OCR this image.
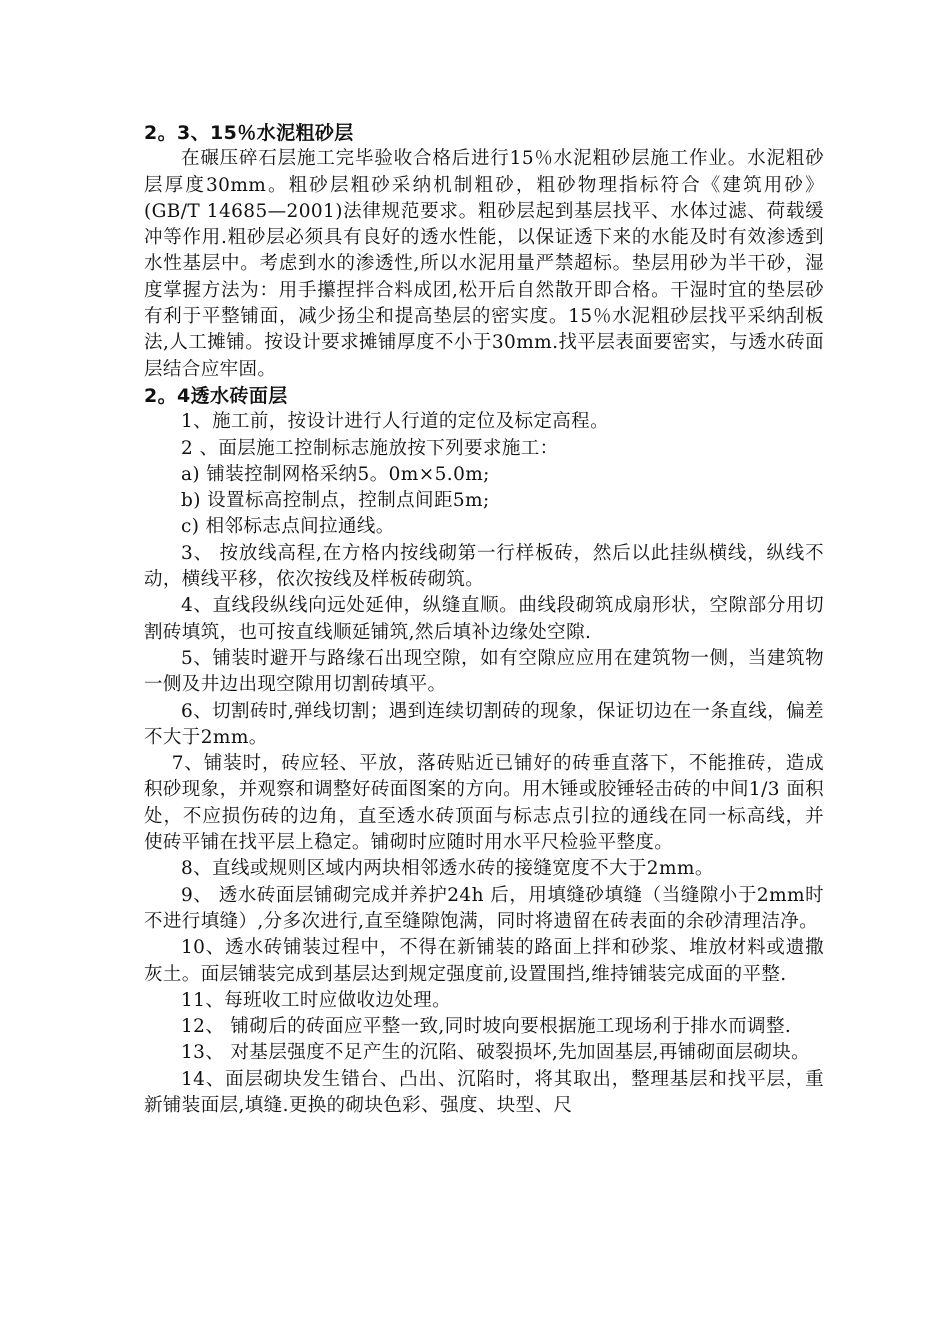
2。3、15％水泥粗砂层

在碾压碎石层施工完毕验收合格后进行15％水泥粗砂层施工作业。水泥粗砂层厚度30mm。粗砂层粗砂采纳机制粗砂，粗砂物理指标符合《建筑用砂》(GB/T 14685—2001)法律规范要求。粗砂层起到基层找平、水体过滤、荷载缓冲等作用.粗砂层必须具有良好的透水性能，以保证透下来的水能及时有效渗透到水性基层中。考虑到水的渗透性,所以水泥用量严禁超标。垫层用砂为半干砂，湿度掌握方法为：用手攥捏拌合料成团,松开后自然散开即合格。干湿时宜的垫层砂有利于平整铺面，减少扬尘和提高垫层的密实度。15％水泥粗砂层找平采纳刮板法,人工摊铺。按设计要求摊铺厚度不小于30mm.找平层表面要密实，与透水砖面层结合应牢固。

2。4透水砖面层

1、施工前，按设计进行人行道的定位及标定高程。

2 、面层施工控制标志施放按下列要求施工：

a) 铺装控制网格采纳5。0m×5.0m;

b) 设置标高控制点，控制点间距5m;

c) 相邻标志点间拉通线。

3、 按放线高程,在方格内按线砌第一行样板砖，然后以此挂纵横线，纵线不动，横线平移，依次按线及样板砖砌筑。

4、直线段纵线向远处延伸，纵缝直顺。曲线段砌筑成扇形状，空隙部分用切割砖填筑，也可按直线顺延铺筑,然后填补边缘处空隙.

5、铺装时避开与路缘石出现空隙，如有空隙应应用在建筑物一侧，当建筑物一侧及井边出现空隙用切割砖填平。

6、切割砖时,弹线切割；遇到连续切割砖的现象，保证切边在一条直线，偏差不大于2mm。

7、铺装时，砖应轻、平放，落砖贴近已铺好的砖垂直落下，不能推砖，造成积砂现象，并观察和调整好砖面图案的方向。用木锤或胶锤轻击砖的中间1/3 面积处，不应损伤砖的边角，直至透水砖顶面与标志点引拉的通线在同一标高线，并使砖平铺在找平层上稳定。铺砌时应随时用水平尺检验平整度。

8、直线或规则区域内两块相邻透水砖的接缝宽度不大于2mm。

9、 透水砖面层铺砌完成并养护24h 后，用填缝砂填缝（当缝隙小于2mm时不进行填缝）,分多次进行,直至缝隙饱满，同时将遗留在砖表面的余砂清理洁净。

10、透水砖铺装过程中，不得在新铺装的路面上拌和砂浆、堆放材料或遗撒灰土。面层铺装完成到基层达到规定强度前,设置围挡,维持铺装完成面的平整.

11、每班收工时应做收边处理。

12、 铺砌后的砖面应平整一致,同时坡向要根据施工现场利于排水而调整.

13、 对基层强度不足产生的沉陷、破裂损坏,先加固基层,再铺砌面层砌块。

14、面层砌块发生错台、凸出、沉陷时，将其取出，整理基层和找平层，重新铺装面层,填缝.更换的砌块色彩、强度、块型、尺
